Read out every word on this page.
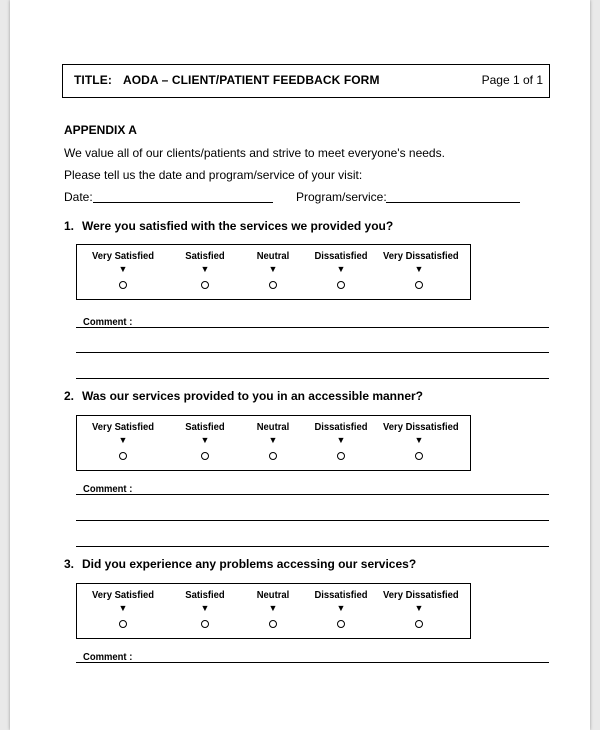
TITLE: AODA – CLIENT/PATIENT FEEDBACK FORM	Page 1 of 1
APPENDIX A
We value all of our clients/patients and strive to meet everyone's needs.
Please tell us the date and program/service of your visit:
Date:	Program/service:
1. Were you satisfied with the services we provided you?
Very Satisfied
▼
Satisfied
▼
Neutral
▼
Dissatisfied
▼
Very Dissatisfied
▼
Comment :
2. Was our services provided to you in an accessible manner?
Very Satisfied
▼
Satisfied
▼
Neutral
▼
Dissatisfied
▼
Very Dissatisfied
▼
Comment :
3. Did you experience any problems accessing our services?
Very Satisfied
▼
Satisfied
▼
Neutral
▼
Dissatisfied
▼
Very Dissatisfied
▼
Comment :
